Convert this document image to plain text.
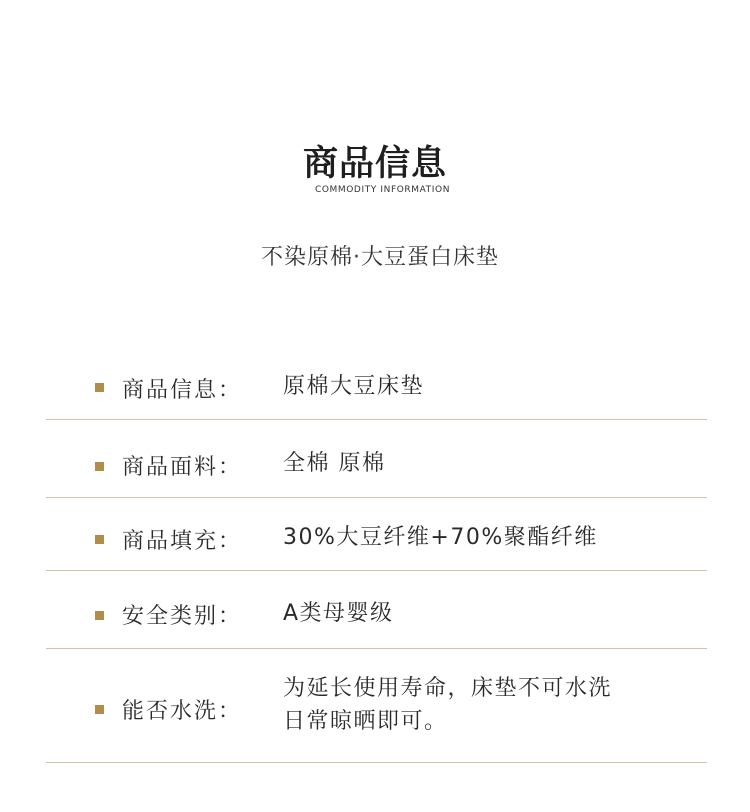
商品信息
COMMODITY INFORMATION
不染原棉·大豆蛋白床垫
商品信息： 原棉大豆床垫
商品面料： 全棉 原棉
商品填充： 30%大豆纤维+70%聚酯纤维
安全类别： A类母婴级
能否水洗：
为延长使用寿命，床垫不可水洗
日常晾晒即可。
